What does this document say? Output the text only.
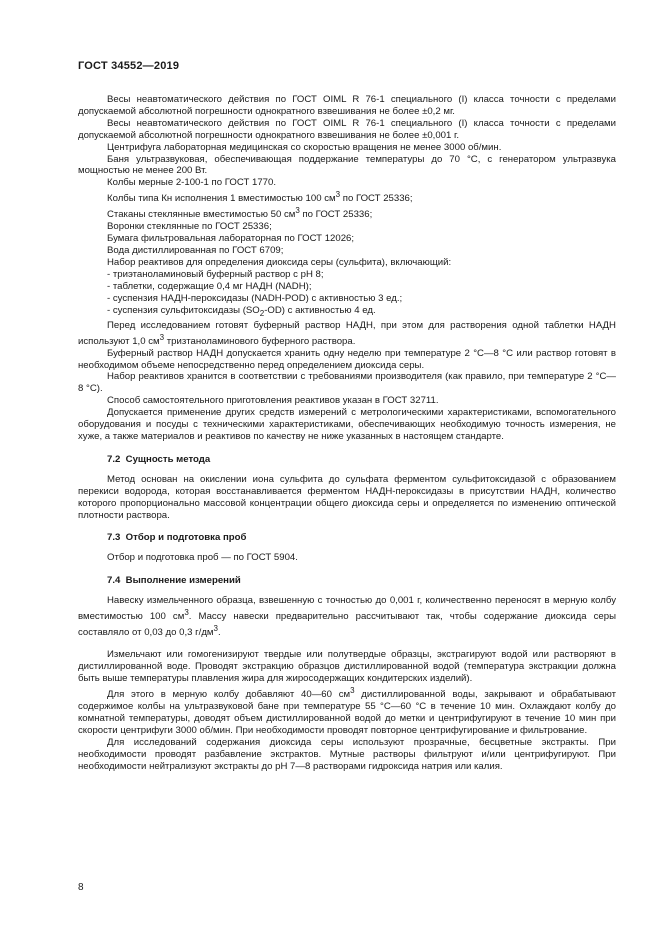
ГОСТ 34552—2019

Весы неавтоматического действия по ГОСТ OIML R 76-1 специального (I) класса точности с пределами допускаемой абсолютной погрешности однократного взвешивания не более ±0,2 мг.

Весы неавтоматического действия по ГОСТ OIML R 76-1 специального (I) класса точности с пределами допускаемой абсолютной погрешности однократного взвешивания не более ±0,001 г.

Центрифуга лабораторная медицинская со скоростью вращения не менее 3000 об/мин.

Баня ультразвуковая, обеспечивающая поддержание температуры до 70 °С, с генератором ультразвука мощностью не менее 200 Вт.

Колбы мерные 2-100-1 по ГОСТ 1770.

Колбы типа Кн исполнения 1 вместимостью 100 $см^3$ по ГОСТ 25336;

Стаканы стеклянные вместимостью 50 $см^3$ по ГОСТ 25336;

Воронки стеклянные по ГОСТ 25336;

Бумага фильтровальная лабораторная по ГОСТ 12026;

Вода дистиллированная по ГОСТ 6709;

Набор реактивов для определения диоксида серы (сульфита), включающий:

- триэтаноламиновый буферный раствор с рН 8;

- таблетки, содержащие 0,4 мг НАДН (NADH);

- суспензия НАДН-пероксидазы (NADH-POD) с активностью 3 ед.;

- суспензия сульфитоксидазы $(SO_2-OD)$ с активностью 4 ед.

Перед исследованием готовят буферный раствор НАДН, при этом для растворения одной таблетки НАДН используют 1,0 $см^3$ тризтаноламинового буферного раствора.

Буферный раствор НАДН допускается хранить одну неделю при температуре 2 °С—8 °С или раствор готовят в необходимом объеме непосредственно перед определением диоксида серы.

Набор реактивов хранится в соответствии с требованиями производителя (как правило, при температуре 2 °С—8 °С).

Способ самостоятельного приготовления реактивов указан в ГОСТ 32711.

Допускается применение других средств измерений с метрологическими характеристиками, вспомогательного оборудования и посуды с техническими характеристиками, обеспечивающих необходимую точность измерения, не хуже, а также материалов и реактивов по качеству не ниже указанных в настоящем стандарте.

7.2  Сущность метода

Метод основан на окислении иона сульфита до сульфата ферментом сульфитоксидазой с образованием перекиси водорода, которая восстанавливается ферментом НАДН-пероксидазы в присутствии НАДН, количество которого пропорционально массовой концентрации общего диоксида серы и определяется по изменению оптической плотности раствора.

7.3  Отбор и подготовка проб

Отбор и подготовка проб — по ГОСТ 5904.

7.4  Выполнение измерений

Навеску измельченного образца, взвешенную с точностью до 0,001 г, количественно переносят в мерную колбу вместимостью 100 $см^3$. Массу навески предварительно рассчитывают так, чтобы содержание диоксида серы составляло от 0,03 до 0,3 $г/дм^3$.

Измельчают или гомогенизируют твердые или полутвердые образцы, экстрагируют водой или растворяют в дистиллированной воде. Проводят экстракцию образцов дистиллированной водой (температура экстракции должна быть выше температуры плавления жира для жиросодержащих кондитерских изделий).

Для этого в мерную колбу добавляют 40—60 $см^3$ дистиллированной воды, закрывают и обрабатывают содержимое колбы на ультразвуковой бане при температуре 55 °С—60 °С в течение 10 мин. Охлаждают колбу до комнатной температуры, доводят объем дистиллированной водой до метки и центрифугируют в течение 10 мин при скорости центрифуги 3000 об/мин. При необходимости проводят повторное центрифугирование и фильтрование.

Для исследований содержания диоксида серы используют прозрачные, бесцветные экстракты. При необходимости проводят разбавление экстрактов. Мутные растворы фильтруют и/или центрифугируют. При необходимости нейтрализуют экстракты до рН 7—8 растворами гидроксида натрия или калия.

8
